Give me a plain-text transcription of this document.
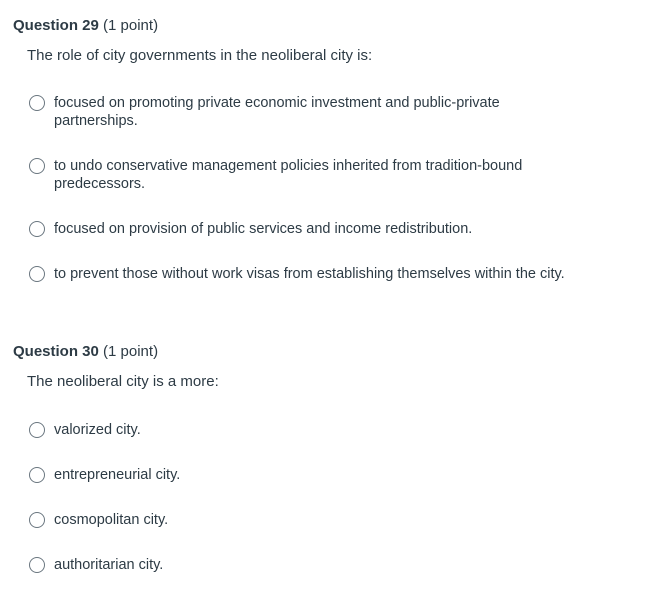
Question 29 (1 point)
The role of city governments in the neoliberal city is:
focused on promoting private economic investment and public-private partnerships.
to undo conservative management policies inherited from tradition-bound predecessors.
focused on provision of public services and income redistribution.
to prevent those without work visas from establishing themselves within the city.
Question 30 (1 point)
The neoliberal city is a more:
valorized city.
entrepreneurial city.
cosmopolitan city.
authoritarian city.
